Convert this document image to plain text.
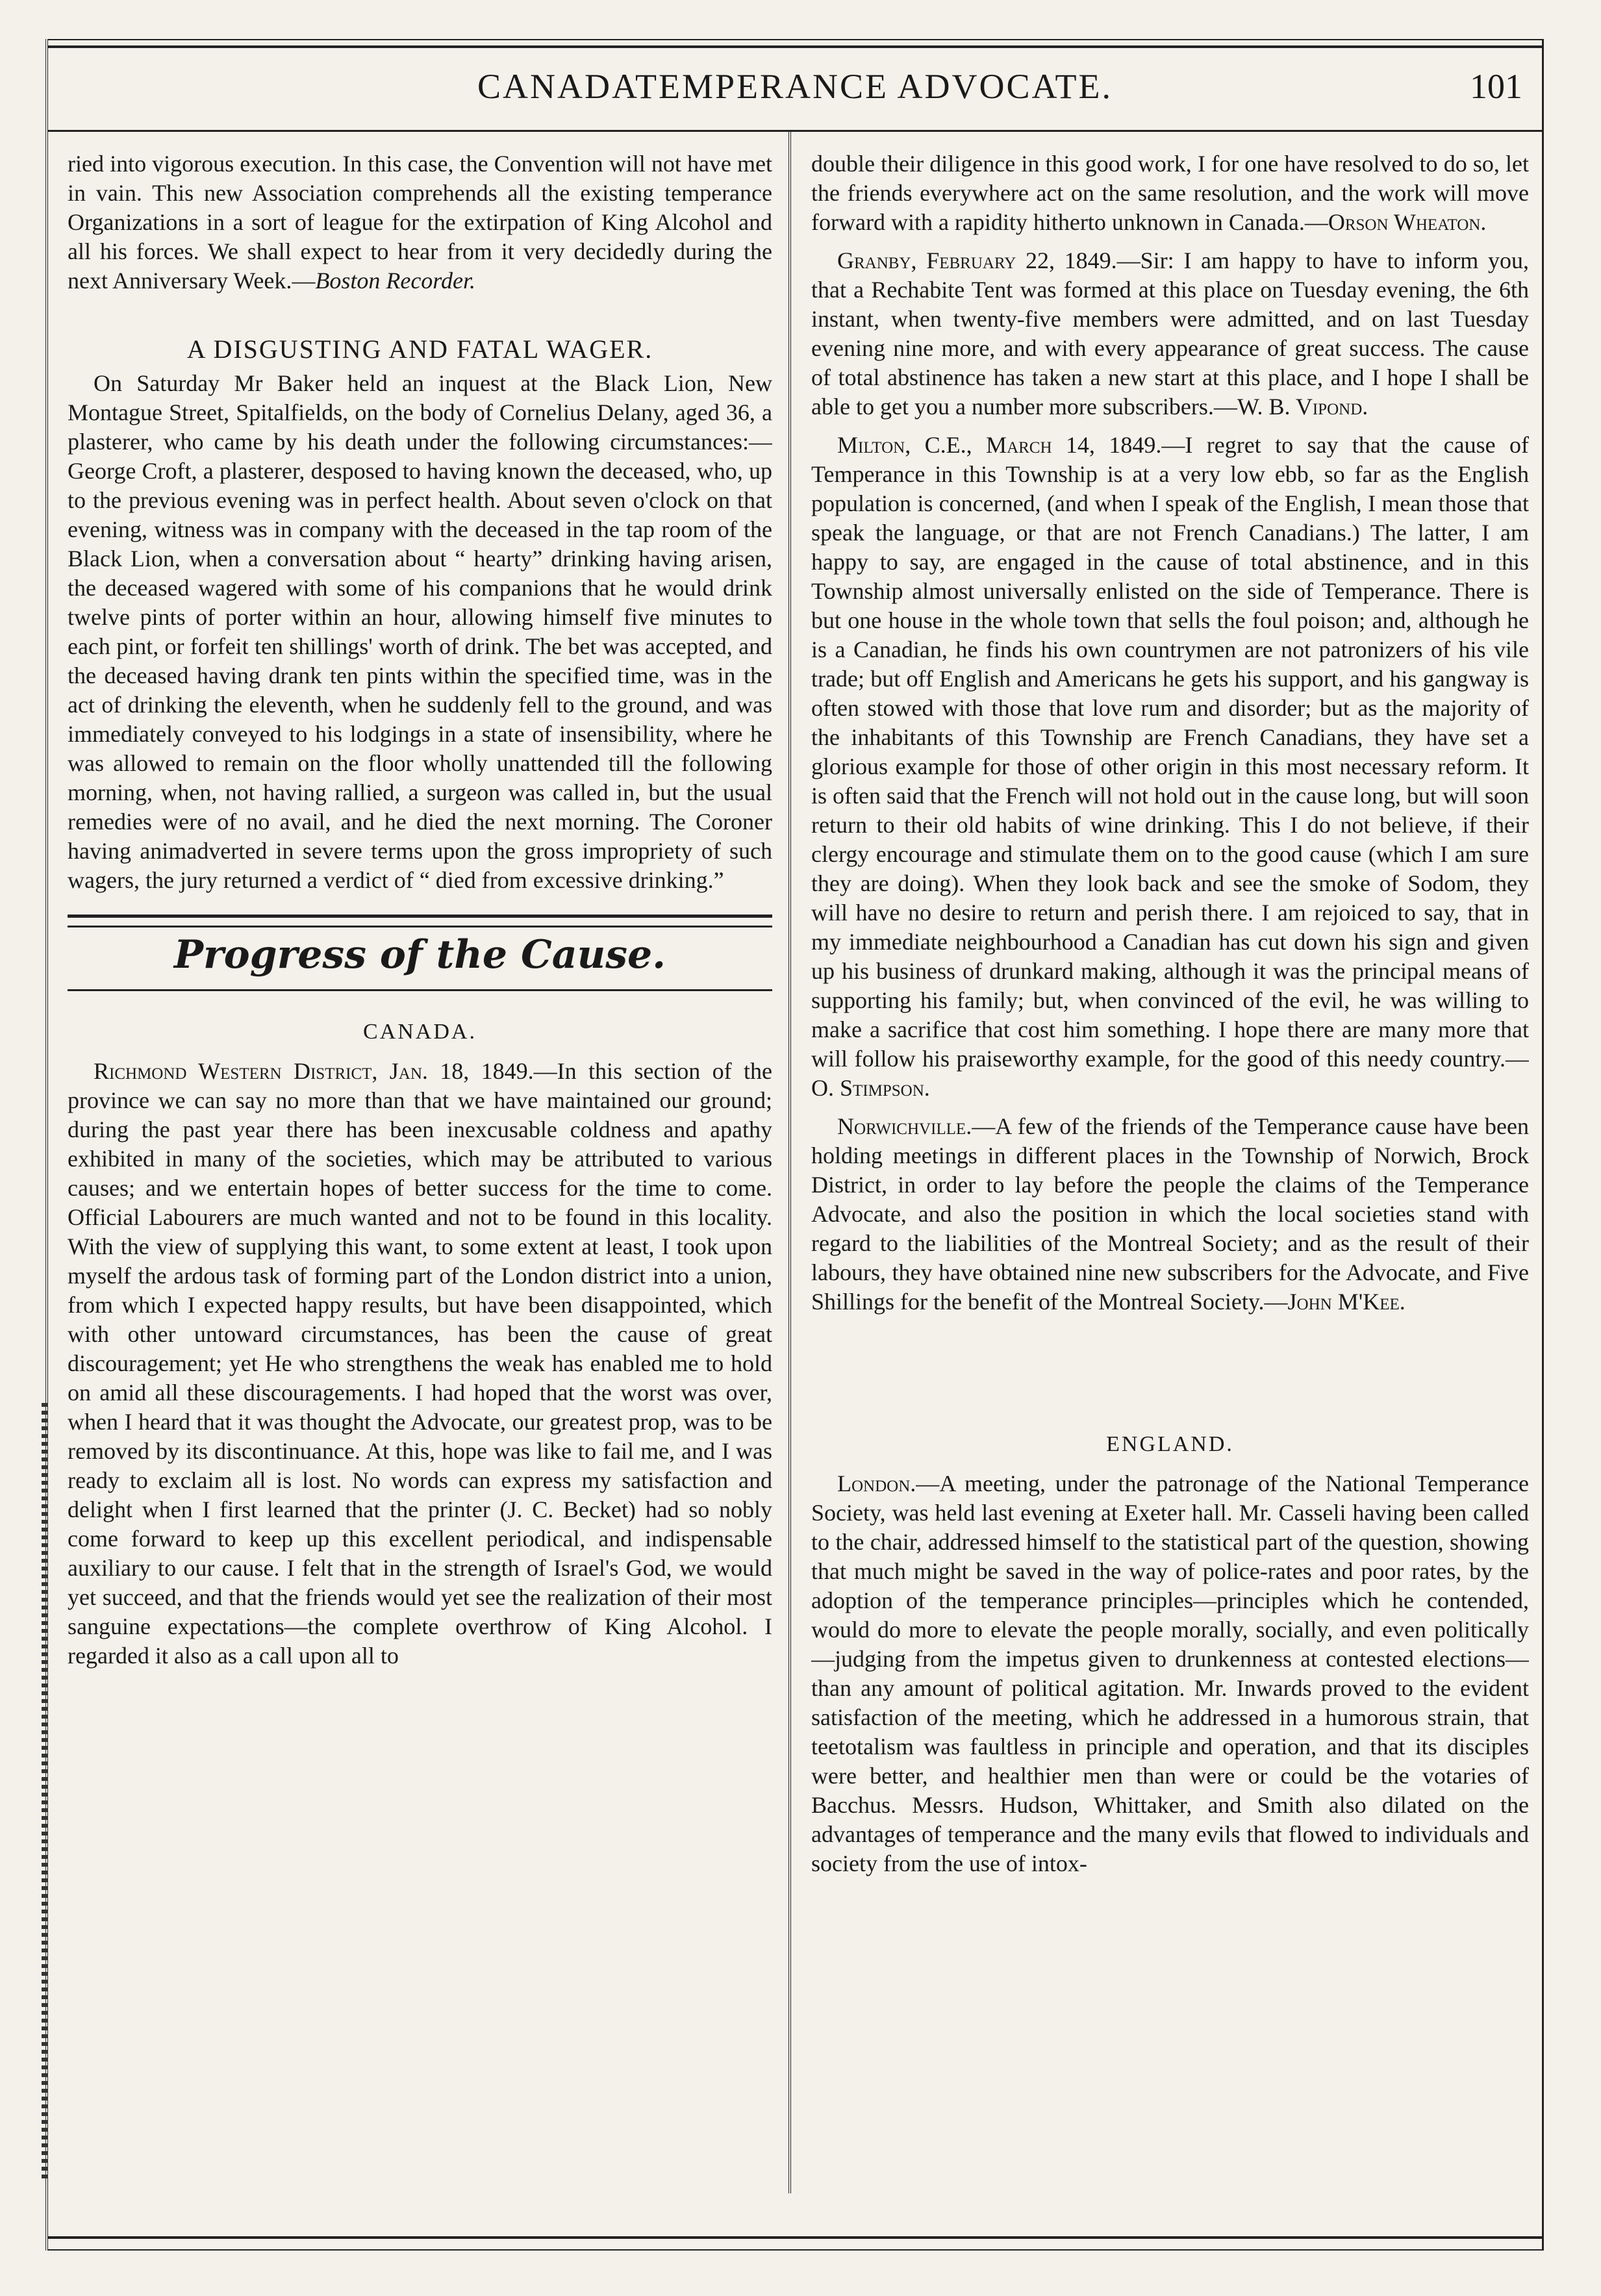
CANADATEMPERANCE ADVOCATE.	101

ried into vigorous execution. In this case, the Convention will not have met in vain. This new Association comprehends all the existing temperance Organizations in a sort of league for the extirpation of King Alcohol and all his forces. We shall expect to hear from it very decidedly during the next Anniversary Week.—Boston Recorder.

A DISGUSTING AND FATAL WAGER.

On Saturday Mr Baker held an inquest at the Black Lion, New Montague Street, Spitalfields, on the body of Cornelius Delany, aged 36, a plasterer, who came by his death under the following circumstances:—George Croft, a plasterer, desposed to having known the deceased, who, up to the previous evening was in perfect health. About seven o'clock on that evening, witness was in company with the deceased in the tap room of the Black Lion, when a conversation about “ hearty” drinking having arisen, the deceased wagered with some of his companions that he would drink twelve pints of porter within an hour, allowing himself five minutes to each pint, or forfeit ten shillings' worth of drink. The bet was accepted, and the deceased having drank ten pints within the specified time, was in the act of drinking the eleventh, when he suddenly fell to the ground, and was immediately conveyed to his lodgings in a state of insensibility, where he was allowed to remain on the floor wholly unattended till the following morning, when, not having rallied, a surgeon was called in, but the usual remedies were of no avail, and he died the next morning. The Coroner having animadverted in severe terms upon the gross impropriety of such wagers, the jury returned a verdict of “ died from excessive drinking.”

Progress of the Cause.
CANADA.

Richmond Western District, Jan. 18, 1849.—In this section of the province we can say no more than that we have maintained our ground; during the past year there has been inexcusable coldness and apathy exhibited in many of the societies, which may be attributed to various causes; and we entertain hopes of better success for the time to come. Official Labourers are much wanted and not to be found in this locality. With the view of supplying this want, to some extent at least, I took upon myself the ardous task of forming part of the London district into a union, from which I expected happy results, but have been disappointed, which with other untoward circumstances, has been the cause of great discouragement; yet He who strengthens the weak has enabled me to hold on amid all these discouragements. I had hoped that the worst was over, when I heard that it was thought the Advocate, our greatest prop, was to be removed by its discontinuance. At this, hope was like to fail me, and I was ready to exclaim all is lost. No words can express my satisfaction and delight when I first learned that the printer (J. C. Becket) had so nobly come forward to keep up this excellent periodical, and indispensable auxiliary to our cause. I felt that in the strength of Israel's God, we would yet succeed, and that the friends would yet see the realization of their most sanguine expectations—the complete overthrow of King Alcohol. I regarded it also as a call upon all to

double their diligence in this good work, I for one have resolved to do so, let the friends everywhere act on the same resolution, and the work will move forward with a rapidity hitherto unknown in Canada.—Orson Wheaton.

Granby, February 22, 1849.—Sir: I am happy to have to inform you, that a Rechabite Tent was formed at this place on Tuesday evening, the 6th instant, when twenty-five members were admitted, and on last Tuesday evening nine more, and with every appearance of great success. The cause of total abstinence has taken a new start at this place, and I hope I shall be able to get you a number more subscribers.—W. B. Vipond.

Milton, C.E., March 14, 1849.—I regret to say that the cause of Temperance in this Township is at a very low ebb, so far as the English population is concerned, (and when I speak of the English, I mean those that speak the language, or that are not French Canadians.) The latter, I am happy to say, are engaged in the cause of total abstinence, and in this Township almost universally enlisted on the side of Temperance. There is but one house in the whole town that sells the foul poison; and, although he is a Canadian, he finds his own countrymen are not patronizers of his vile trade; but off English and Americans he gets his support, and his gangway is often stowed with those that love rum and disorder; but as the majority of the inhabitants of this Township are French Canadians, they have set a glorious example for those of other origin in this most necessary reform. It is often said that the French will not hold out in the cause long, but will soon return to their old habits of wine drinking. This I do not believe, if their clergy encourage and stimulate them on to the good cause (which I am sure they are doing). When they look back and see the smoke of Sodom, they will have no desire to return and perish there. I am rejoiced to say, that in my immediate neighbourhood a Canadian has cut down his sign and given up his business of drunkard making, although it was the principal means of supporting his family; but, when convinced of the evil, he was willing to make a sacrifice that cost him something. I hope there are many more that will follow his praiseworthy example, for the good of this needy country.—O. Stimpson.

Norwichville.—A few of the friends of the Temperance cause have been holding meetings in different places in the Township of Norwich, Brock District, in order to lay before the people the claims of the Temperance Advocate, and also the position in which the local societies stand with regard to the liabilities of the Montreal Society; and as the result of their labours, they have obtained nine new subscribers for the Advocate, and Five Shillings for the benefit of the Montreal Society.—John M'Kee.

ENGLAND.

London.—A meeting, under the patronage of the National Temperance Society, was held last evening at Exeter hall. Mr. Casseli having been called to the chair, addressed himself to the statistical part of the question, showing that much might be saved in the way of police-rates and poor rates, by the adoption of the temperance principles—principles which he contended, would do more to elevate the people morally, socially, and even politically—judging from the impetus given to drunkenness at contested elections—than any amount of political agitation. Mr. Inwards proved to the evident satisfaction of the meeting, which he addressed in a humorous strain, that teetotalism was faultless in principle and operation, and that its disciples were better, and healthier men than were or could be the votaries of Bacchus. Messrs. Hudson, Whittaker, and Smith also dilated on the advantages of temperance and the many evils that flowed to individuals and society from the use of intox-
